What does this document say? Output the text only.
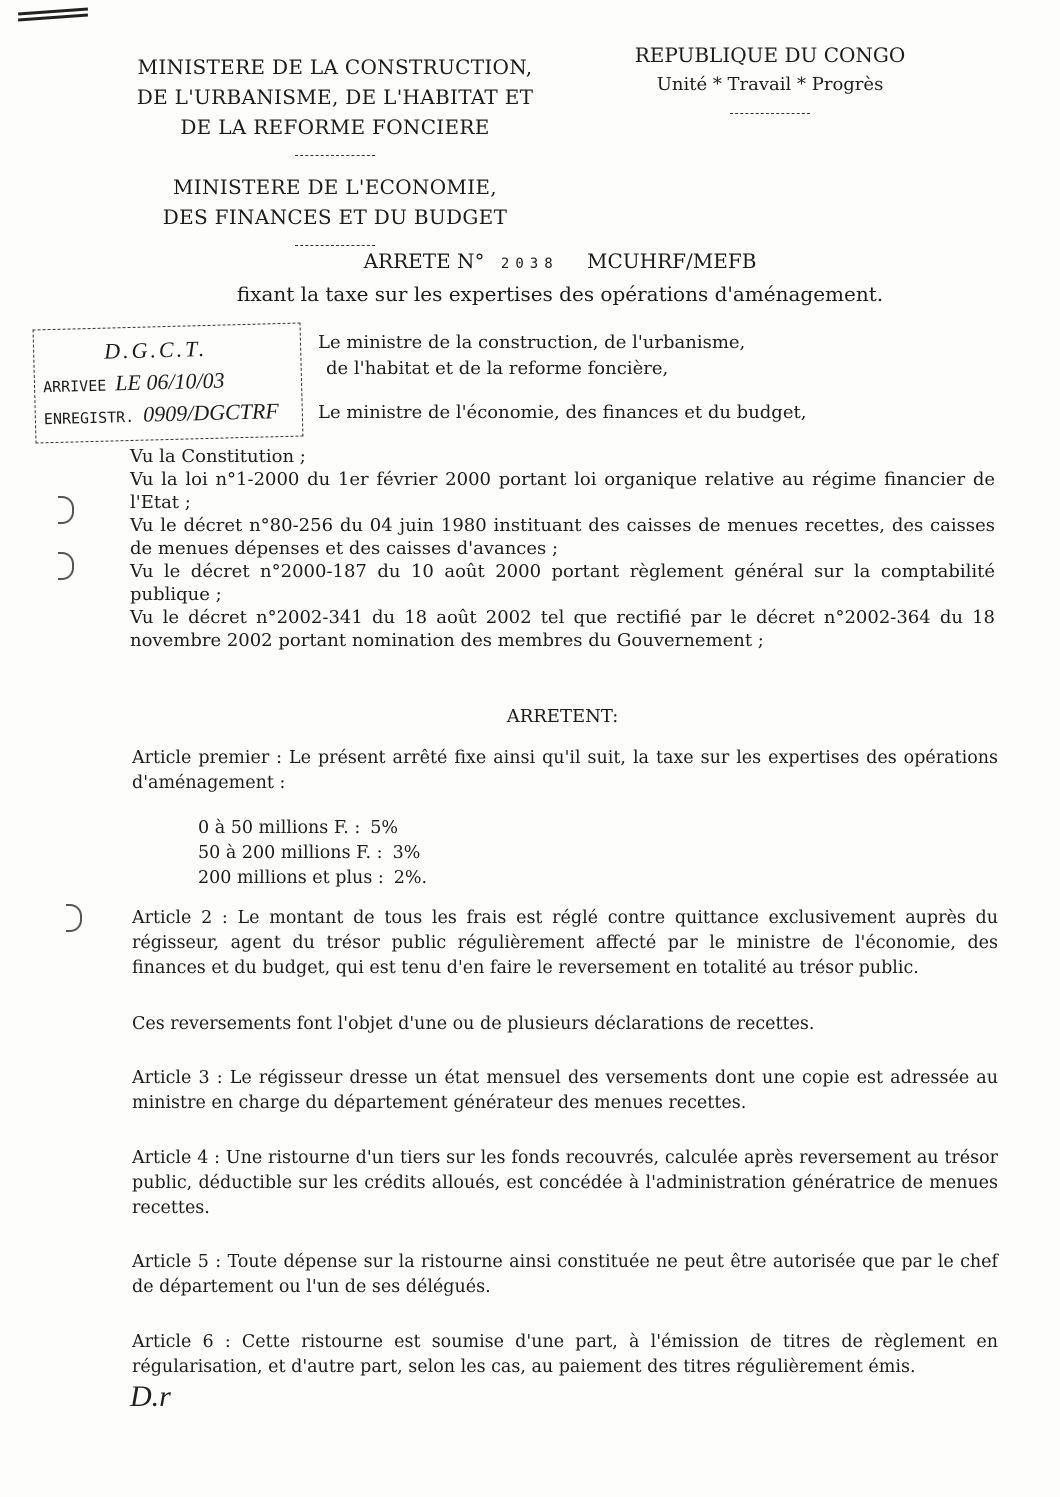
MINISTERE DE LA CONSTRUCTION,

DE L'URBANISME, DE L'HABITAT ET

DE LA REFORME FONCIERE

MINISTERE DE L'ECONOMIE,

DES FINANCES ET DU BUDGET

REPUBLIQUE DU CONGO

Unité * Travail * Progrès

ARRETE N° 2038 MCUHRF/MEFB

fixant la taxe sur les expertises des opérations d'aménagement.

D.G.C.T.
ARRIVEE LE 06/10/03
ENREGISTR. 0909/DGCTRF

Le ministre de la construction, de l'urbanisme,

de l'habitat et de la reforme foncière,

Le ministre de l'économie, des finances et du budget,

Vu la Constitution ;

Vu la loi n°1-2000 du 1er février 2000 portant loi organique relative au régime financier de l'Etat ;

Vu le décret n°80-256 du 04 juin 1980 instituant des caisses de menues recettes, des caisses de menues dépenses et des caisses d'avances ;

Vu le décret n°2000-187 du 10 août 2000 portant règlement général sur la comptabilité publique ;

Vu le décret n°2002-341 du 18 août 2002 tel que rectifié par le décret n°2002-364 du 18 novembre 2002 portant nomination des membres du Gouvernement ;

ARRETENT:

Article premier : Le présent arrêté fixe ainsi qu'il suit, la taxe sur les expertises des opérations d'aménagement :

0 à 50 millions F. : 5%

50 à 200 millions F. : 3%

200 millions et plus : 2%.

Article 2 : Le montant de tous les frais est réglé contre quittance exclusivement auprès du régisseur, agent du trésor public régulièrement affecté par le ministre de l'économie, des finances et du budget, qui est tenu d'en faire le reversement en totalité au trésor public.

Ces reversements font l'objet d'une ou de plusieurs déclarations de recettes.

Article 3 : Le régisseur dresse un état mensuel des versements dont une copie est adressée au ministre en charge du département générateur des menues recettes.

Article 4 : Une ristourne d'un tiers sur les fonds recouvrés, calculée après reversement au trésor public, déductible sur les crédits alloués, est concédée à l'administration génératrice de menues recettes.

Article 5 : Toute dépense sur la ristourne ainsi constituée ne peut être autorisée que par le chef de département ou l'un de ses délégués.

Article 6 : Cette ristourne est soumise d'une part, à l'émission de titres de règlement en régularisation, et d'autre part, selon les cas, au paiement des titres régulièrement émis.

D.r
